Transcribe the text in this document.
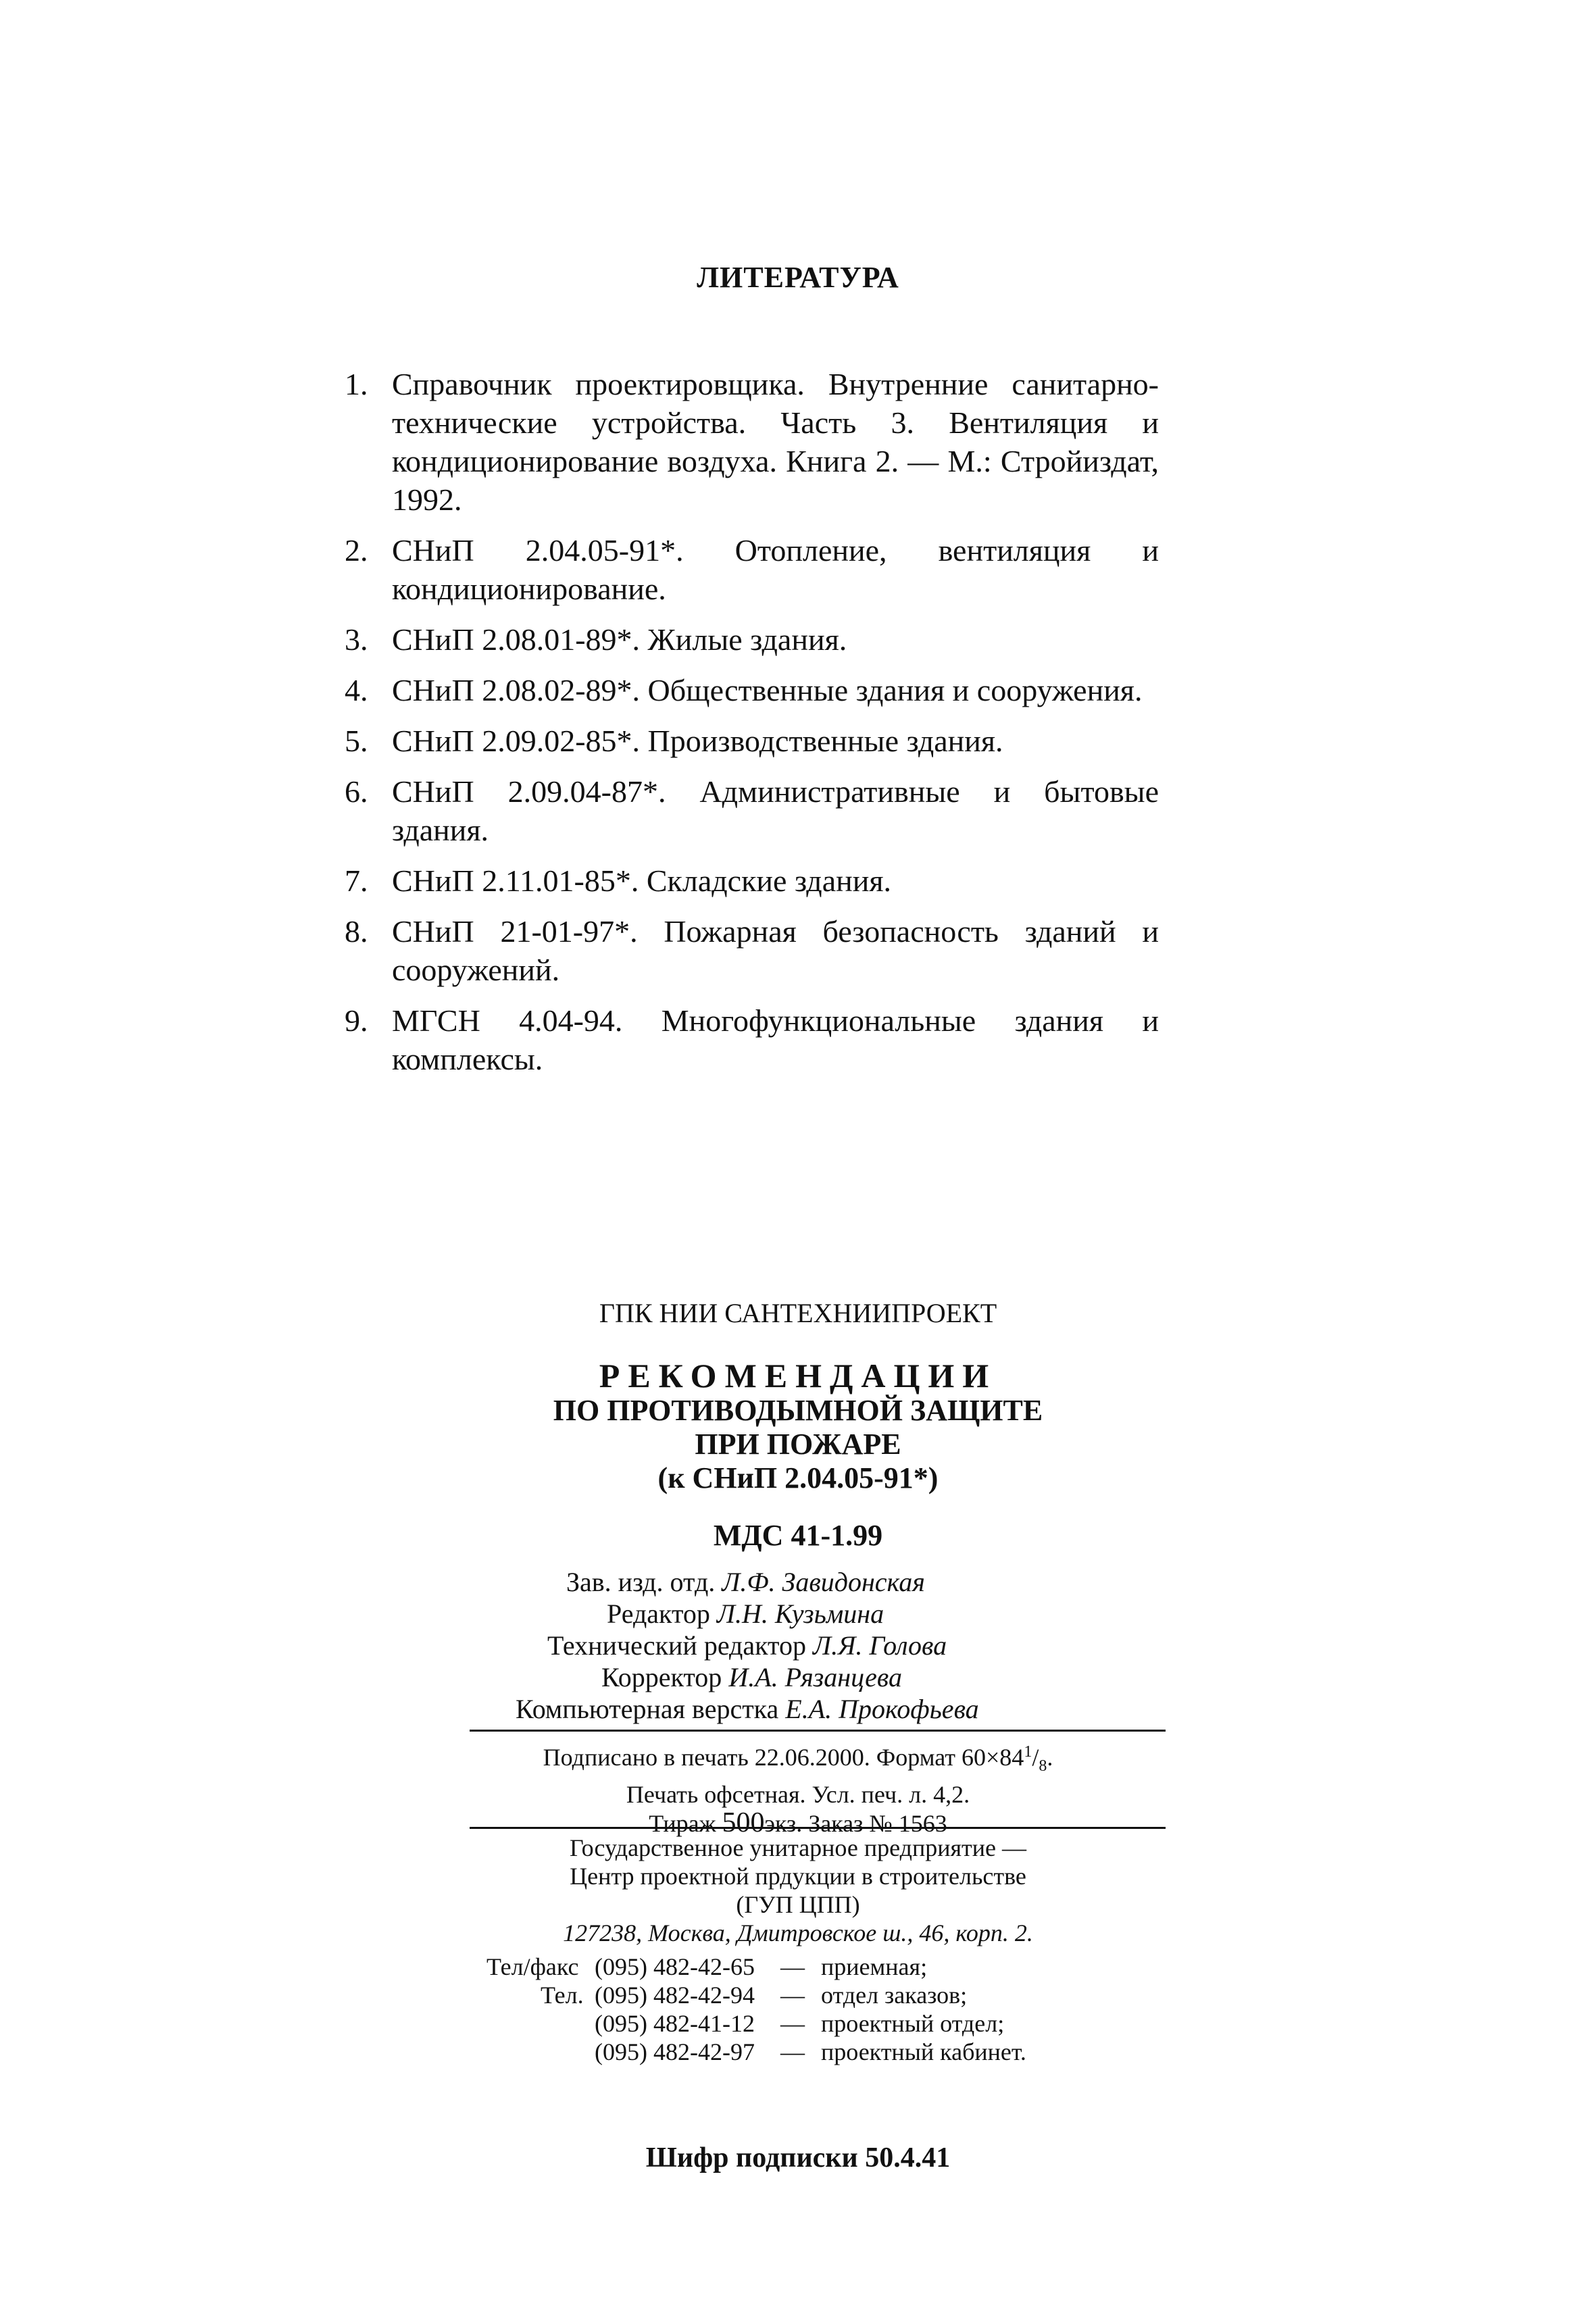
ЛИТЕРАТУРА
1. Справочник проектировщика. Внутренние санитарно-технические устройства. Часть 3. Вентиляция и кондиционирование воздуха. Книга 2. — М.: Стройиздат, 1992.
2. СНиП 2.04.05-91*. Отопление, вентиляция и кондиционирование.
3. СНиП 2.08.01-89*. Жилые здания.
4. СНиП 2.08.02-89*. Общественные здания и сооружения.
5. СНиП 2.09.02-85*. Производственные здания.
6. СНиП 2.09.04-87*. Административные и бытовые здания.
7. СНиП 2.11.01-85*. Складские здания.
8. СНиП 21-01-97*. Пожарная безопасность зданий и сооружений.
9. МГСН 4.04-94. Многофункциональные здания и комплексы.
ГПК НИИ САНТЕХНИИПРОЕКТ
РЕКОМЕНДАЦИИ
ПО ПРОТИВОДЫМНОЙ ЗАЩИТЕ
ПРИ ПОЖАРЕ
(к СНиП 2.04.05-91*)
МДС 41-1.99
Зав. изд. отд. Л.Ф. Завидонская
Редактор Л.Н. Кузьмина
Технический редактор Л.Я. Голова
Корректор И.А. Рязанцева
Компьютерная верстка Е.А. Прокофьева
Подписано в печать 22.06.2000. Формат $60\times 84^1/_8$.
Печать офсетная. Усл. печ. л. 4,2.
Тираж 500экз. Заказ № 1563
Государственное унитарное предприятие —
Центр проектной прдукции в строительстве
(ГУП ЦПП)
127238, Москва, Дмитровское ш., 46, корп. 2.
Тел/факс (095) 482-42-65 — приемная;
Тел. (095) 482-42-94 — отдел заказов;
(095) 482-41-12 — проектный отдел;
(095) 482-42-97 — проектный кабинет.
Шифр подписки 50.4.41
